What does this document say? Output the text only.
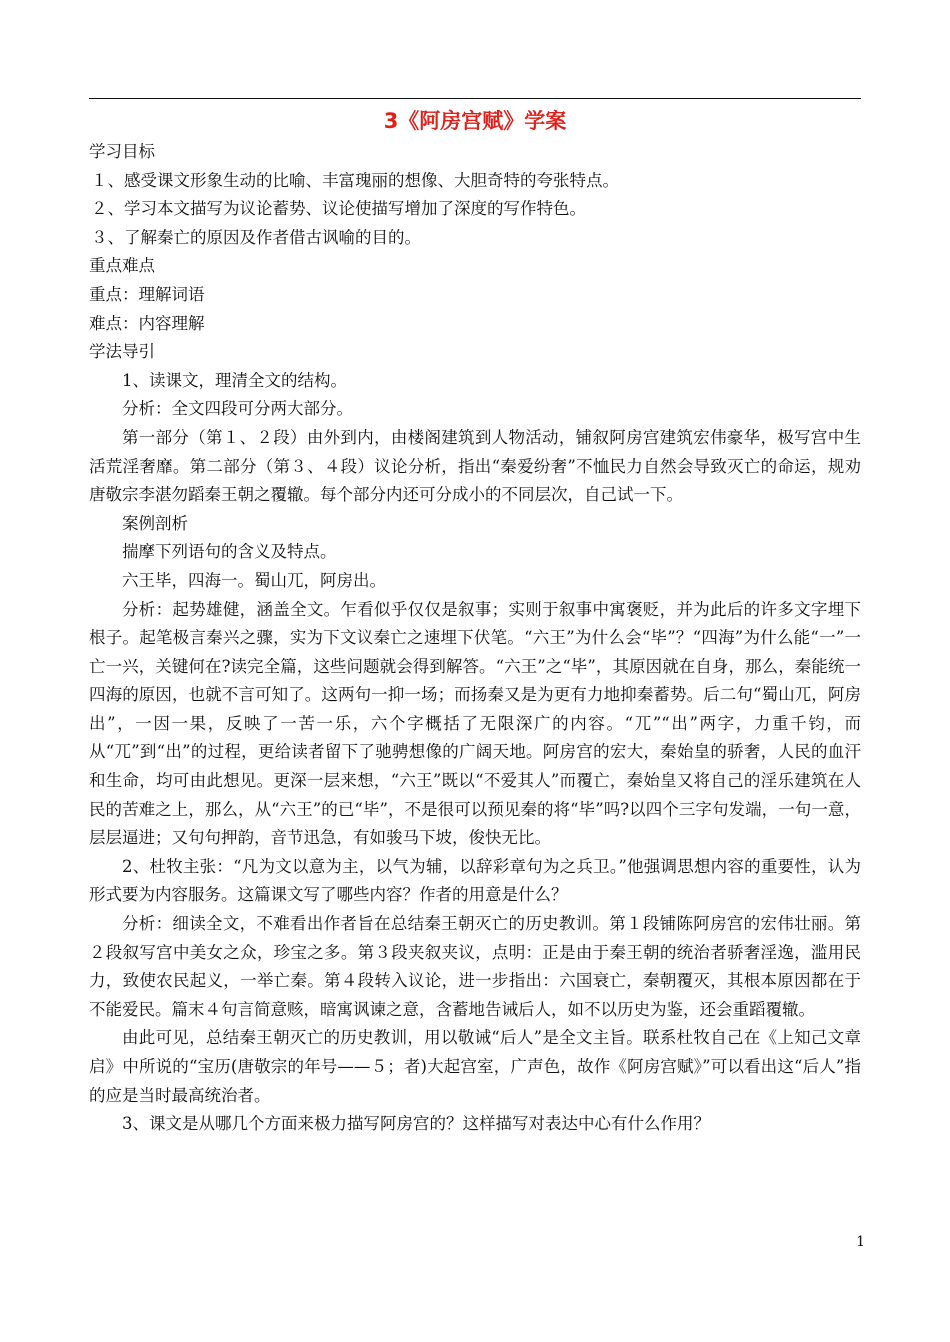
3《阿房宫赋》学案
学习目标
１、感受课文形象生动的比喻、丰富瑰丽的想像、大胆奇特的夸张特点。
２、学习本文描写为议论蓄势、议论使描写增加了深度的写作特色。
３、了解秦亡的原因及作者借古讽喻的目的。
重点难点
重点：理解词语
难点：内容理解
学法导引

1、读课文，理清全文的结构。

分析：全文四段可分两大部分。

第一部分（第１、２段）由外到内，由楼阁建筑到人物活动，铺叙阿房宫建筑宏伟豪华，极写宫中生活荒淫奢靡。第二部分（第３、４段）议论分析，指出“秦爱纷奢”不恤民力自然会导致灭亡的命运，规劝唐敬宗李湛勿蹈秦王朝之覆辙。每个部分内还可分成小的不同层次，自己试一下。

案例剖析

揣摩下列语句的含义及特点。

六王毕，四海一。蜀山兀，阿房出。

分析：起势雄健，涵盖全文。乍看似乎仅仅是叙事；实则于叙事中寓褒贬，并为此后的许多文字埋下根子。起笔极言秦兴之骤，实为下文议秦亡之速埋下伏笔。“六王”为什么会“毕”？“四海”为什么能“一”一亡一兴，关键何在?读完全篇，这些问题就会得到解答。“六王”之“毕”，其原因就在自身，那么，秦能统一四海的原因，也就不言可知了。这两句一抑一场；而扬秦又是为更有力地抑秦蓄势。后二句“蜀山兀，阿房出”，一因一果，反映了一苦一乐，六个字概括了无限深广的内容。“兀”“出”两字，力重千钧，而从“兀”到“出”的过程，更给读者留下了驰骋想像的广阔天地。阿房宫的宏大，秦始皇的骄奢，人民的血汗和生命，均可由此想见。更深一层来想，“六王”既以“不爱其人”而覆亡，秦始皇又将自己的淫乐建筑在人民的苦难之上，那么，从“六王”的已“毕”，不是很可以预见秦的将“毕”吗?以四个三字句发端，一句一意，层层逼进；又句句押韵，音节迅急，有如骏马下坡，俊快无比。

2、杜牧主张：“凡为文以意为主，以气为辅，以辞彩章句为之兵卫。”他强调思想内容的重要性，认为形式要为内容服务。这篇课文写了哪些内容？作者的用意是什么？

分析：细读全文，不难看出作者旨在总结秦王朝灭亡的历史教训。第１段铺陈阿房宫的宏伟壮丽。第２段叙写宫中美女之众，珍宝之多。第３段夹叙夹议，点明：正是由于秦王朝的统治者骄奢淫逸，滥用民力，致使农民起义，一举亡秦。第４段转入议论，进一步指出：六国衰亡，秦朝覆灭，其根本原因都在于不能爱民。篇末４句言简意赅，暗寓讽谏之意，含蓄地告诫后人，如不以历史为鉴，还会重蹈覆辙。

由此可见，总结秦王朝灭亡的历史教训，用以敬诫“后人”是全文主旨。联系杜牧自己在《上知己文章启》中所说的“宝历(唐敬宗的年号——５；者)大起宫室，广声色，故作《阿房宫赋》”可以看出这“后人”指的应是当时最高统治者。

3、课文是从哪几个方面来极力描写阿房宫的？这样描写对表达中心有什么作用？

1
